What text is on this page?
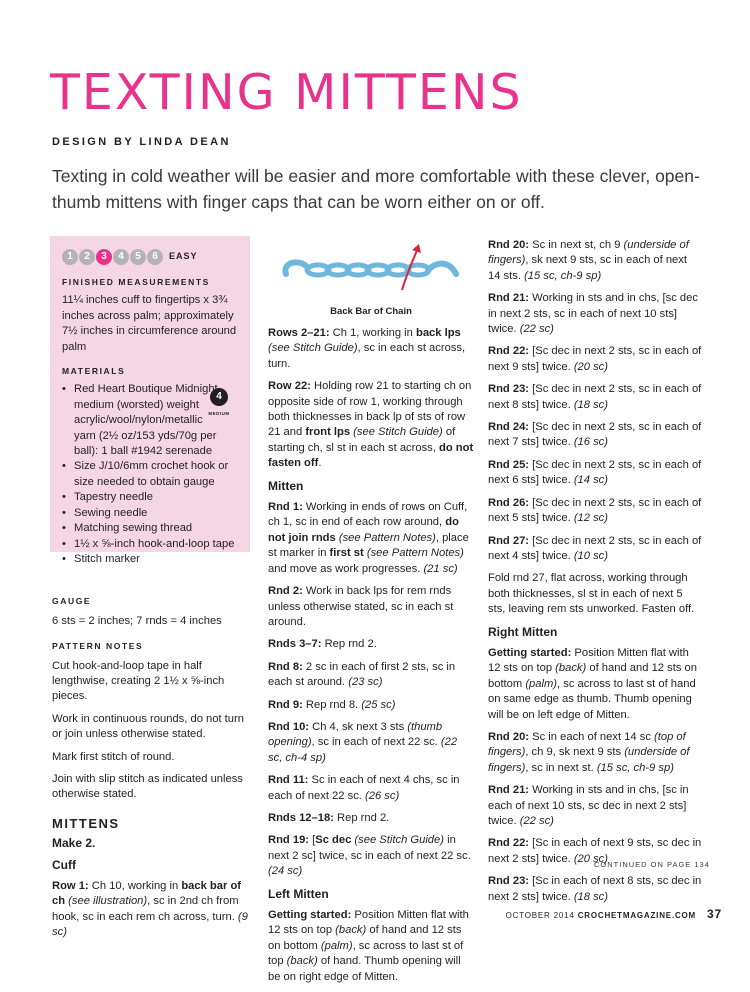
TEXTING MITTENS
DESIGN BY LINDA DEAN
Texting in cold weather will be easier and more comfortable with these clever, open-thumb mittens with finger caps that can be worn either on or off.
1	2	3	4	5	6	EASY
FINISHED MEASUREMENTS
11¼ inches cuff to fingertips x 3¾ inches across palm; approximately 7½ inches in circumference around palm
MATERIALS
4
MEDIUM
• Red Heart Boutique Midnight medium (worsted) weight acrylic/wool/nylon/metallic yarn (2½ oz/153 yds/70g per ball): 1 ball #1942 serenade
• Size J/10/6mm crochet hook or size needed to obtain gauge
• Tapestry needle
• Sewing needle
• Matching sewing thread
• 1½ x ⅝-inch hook-and-loop tape
• Stitch marker
GAUGE
6 sts = 2 inches; 7 rnds = 4 inches
PATTERN NOTES
Cut hook-and-loop tape in half lengthwise, creating 2 1½ x ⅝-inch pieces.
Work in continuous rounds, do not turn or join unless otherwise stated.
Mark first stitch of round.
Join with slip stitch as indicated unless otherwise stated.
MITTENS
Make 2.
Cuff
Row 1: Ch 10, working in back bar of ch (see illustration), sc in 2nd ch from hook, sc in each rem ch across, turn. (9 sc)
Back Bar of Chain
Rows 2–21: Ch 1, working in back lps (see Stitch Guide), sc in each st across, turn.
Row 22: Holding row 21 to starting ch on opposite side of row 1, working through both thicknesses in back lp of sts of row 21 and front lps (see Stitch Guide) of starting ch, sl st in each st across, do not fasten off.
Mitten
Rnd 1: Working in ends of rows on Cuff, ch 1, sc in end of each row around, do not join rnds (see Pattern Notes), place st marker in first st (see Pattern Notes) and move as work progresses. (21 sc)
Rnd 2: Work in back lps for rem rnds unless otherwise stated, sc in each st around.
Rnds 3–7: Rep rnd 2.
Rnd 8: 2 sc in each of first 2 sts, sc in each st around. (23 sc)
Rnd 9: Rep rnd 8. (25 sc)
Rnd 10: Ch 4, sk next 3 sts (thumb opening), sc in each of next 22 sc. (22 sc, ch-4 sp)
Rnd 11: Sc in each of next 4 chs, sc in each of next 22 sc. (26 sc)
Rnds 12–18: Rep rnd 2.
Rnd 19: [Sc dec (see Stitch Guide) in next 2 sc] twice, sc in each of next 22 sc. (24 sc)
Left Mitten
Getting started: Position Mitten flat with 12 sts on top (back) of hand and 12 sts on bottom (palm), sc across to last st of top (back) of hand. Thumb opening will be on right edge of Mitten.
Rnd 20: Sc in next st, ch 9 (underside of fingers), sk next 9 sts, sc in each of next 14 sts. (15 sc, ch-9 sp)
Rnd 21: Working in sts and in chs, [sc dec in next 2 sts, sc in each of next 10 sts] twice. (22 sc)
Rnd 22: [Sc dec in next 2 sts, sc in each of next 9 sts] twice. (20 sc)
Rnd 23: [Sc dec in next 2 sts, sc in each of next 8 sts] twice. (18 sc)
Rnd 24: [Sc dec in next 2 sts, sc in each of next 7 sts] twice. (16 sc)
Rnd 25: [Sc dec in next 2 sts, sc in each of next 6 sts] twice. (14 sc)
Rnd 26: [Sc dec in next 2 sts, sc in each of next 5 sts] twice. (12 sc)
Rnd 27: [Sc dec in next 2 sts, sc in each of next 4 sts] twice. (10 sc)
Fold rnd 27, flat across, working through both thicknesses, sl st in each of next 5 sts, leaving rem sts unworked. Fasten off.
Right Mitten
Getting started: Position Mitten flat with 12 sts on top (back) of hand and 12 sts on bottom (palm), sc across to last st of hand on same edge as thumb. Thumb opening will be on left edge of Mitten.
Rnd 20: Sc in each of next 14 sc (top of fingers), ch 9, sk next 9 sts (underside of fingers), sc in next st. (15 sc, ch-9 sp)
Rnd 21: Working in sts and in chs, [sc in each of next 10 sts, sc dec in next 2 sts] twice. (22 sc)
Rnd 22: [Sc in each of next 9 sts, sc dec in next 2 sts] twice. (20 sc)
Rnd 23: [Sc in each of next 8 sts, sc dec in next 2 sts] twice. (18 sc)
CONTINUED ON PAGE 134
OCTOBER 2014 CROCHETMAGAZINE.COM 37
